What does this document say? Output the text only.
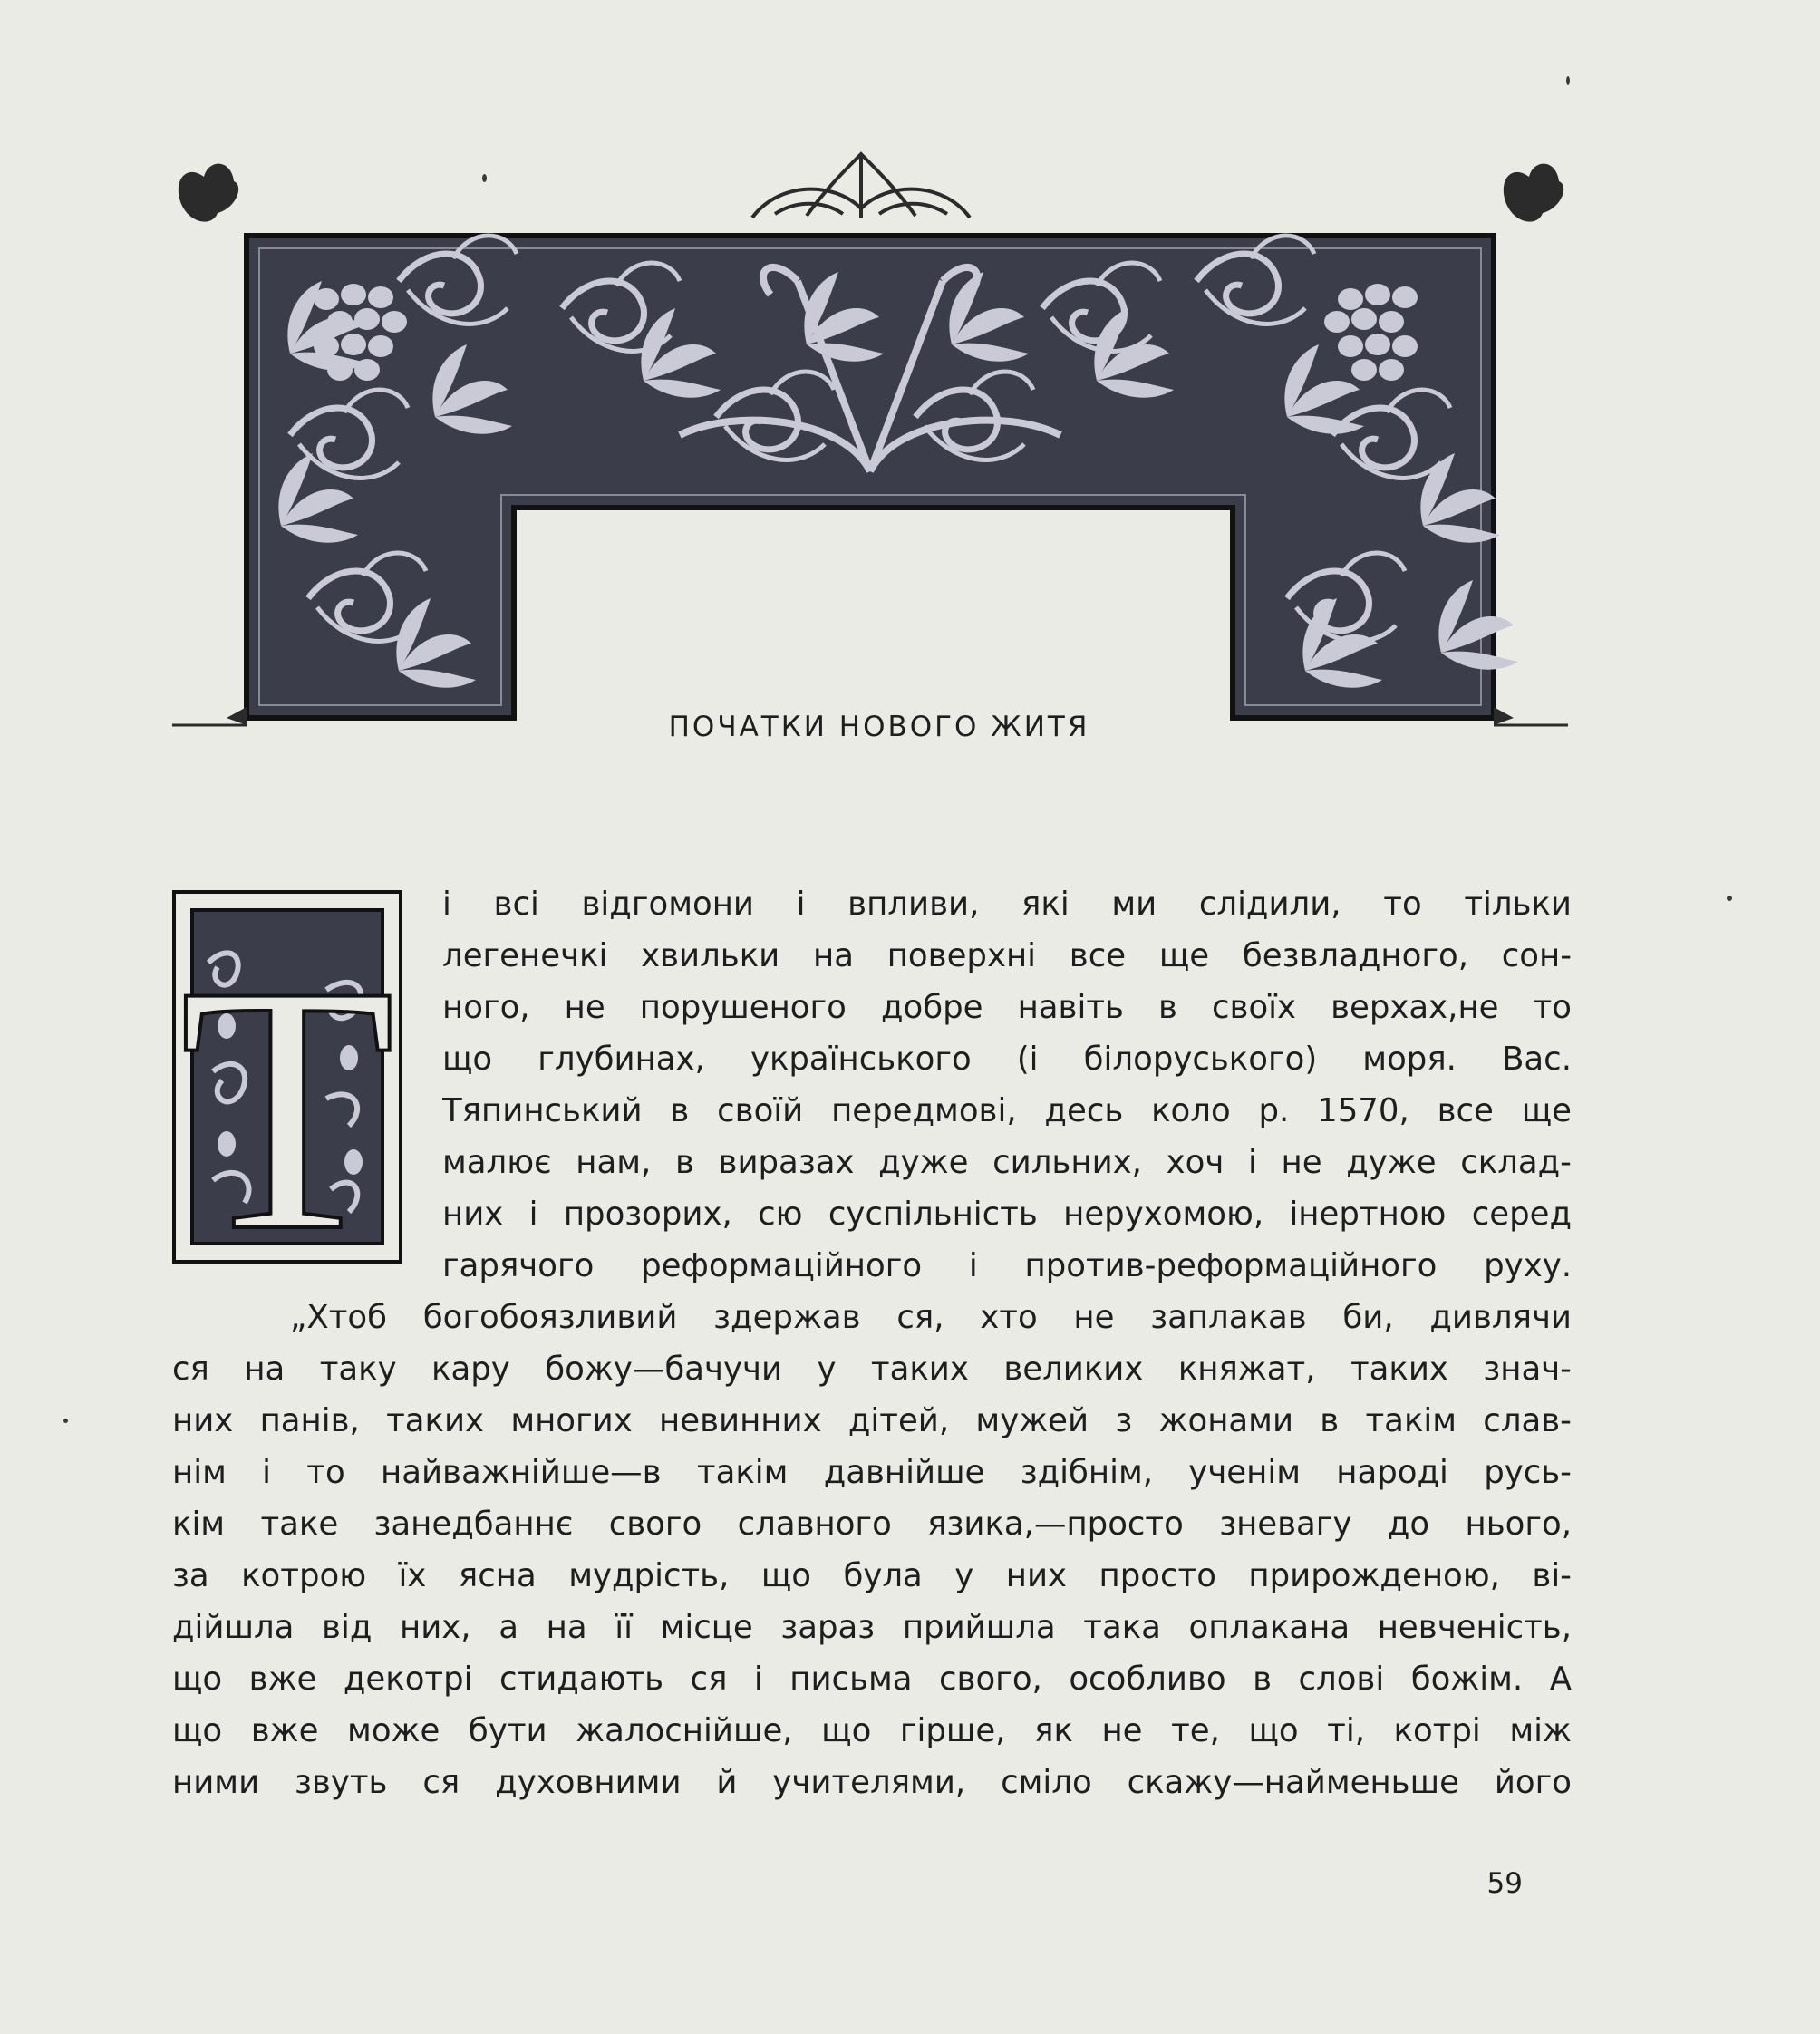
ПОЧАТКИ НОВОГО ЖИТЯ
Т
і всі відгомони і впливи, які ми слідили, то тільки
легенечкі хвильки на поверхні все ще безвладного, сон-
ного, не порушеного добре навіть в своїх верхах,не то
що глубинах, українського (і білоруського) моря. Вас.
Тяпинський в своїй передмові, десь коло р. 1570, все ще
малює нам, в виразах дуже сильних, хоч і не дуже склад-
них і прозорих, сю суспільність нерухомою, інертною серед
гарячого реформаційного і против-реформаційного руху.
„Хтоб богобоязливий здержав ся, хто не заплакав би, дивлячи
ся на таку кару божу—бачучи у таких великих княжат, таких знач-
них панів, таких многих невинних дітей, мужей з жонами в такім слав-
нім і то найважнійше—в такім давнійше здібнім, ученім народі русь-
кім таке занедбаннє свого славного язика,—просто зневагу до нього,
за котрою їх ясна мудрість, що була у них просто прирожденою, ві-
дійшла від них, а на її місце зараз прийшла така оплакана невченість,
що вже декотрі стидають ся і письма свого, особливо в слові божім. А
що вже може бути жалоснійше, що гірше, як не те, що ті, котрі між
ними звуть ся духовними й учителями, сміло скажу—найменьше його
59
